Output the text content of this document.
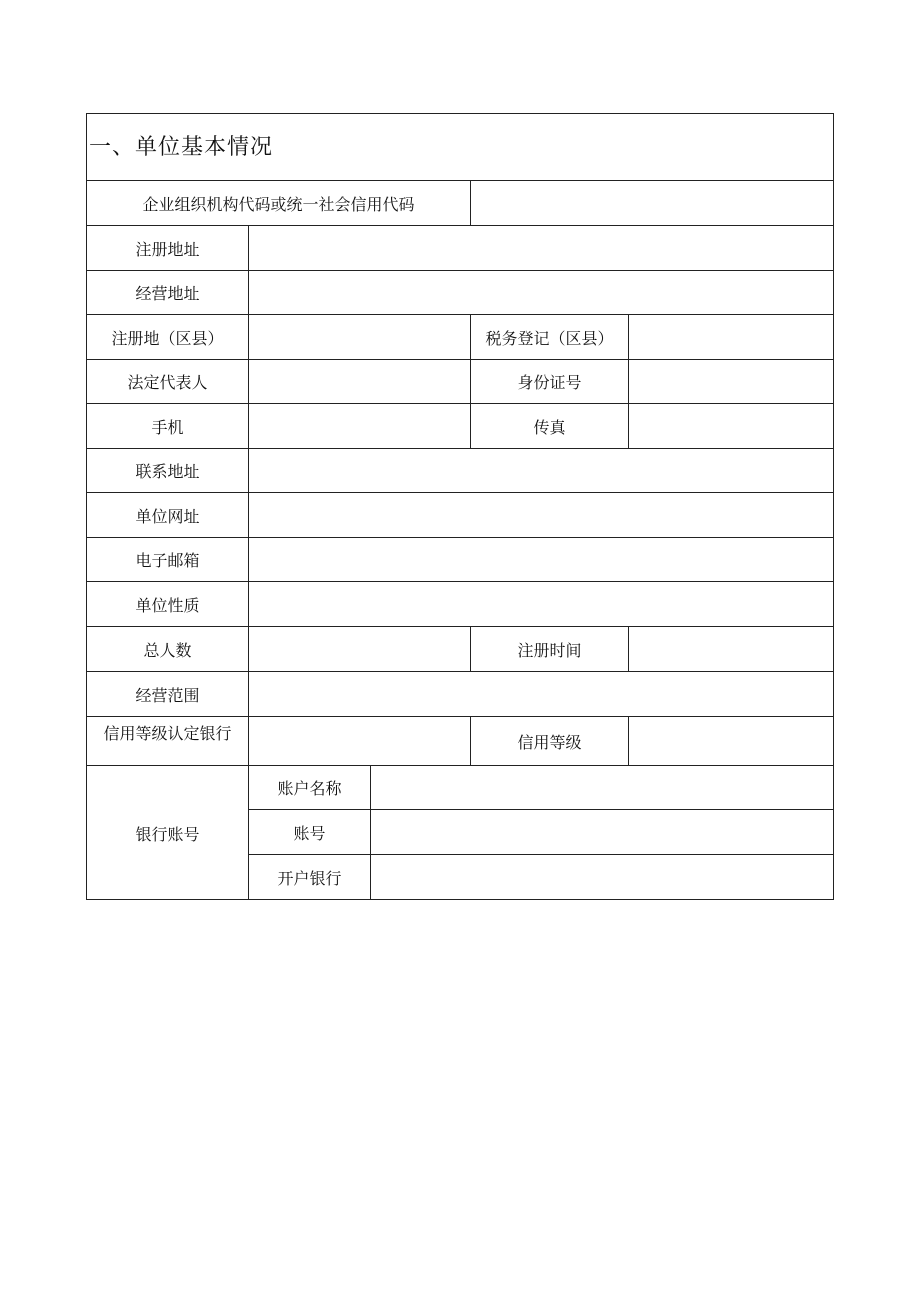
一、单位基本情况
企业组织机构代码或统一社会信用代码
注册地址
经营地址
注册地（区县）	税务登记（区县）
法定代表人	身份证号
手机	传真
联系地址
单位网址
电子邮箱
单位性质
总人数	注册时间
经营范围
信用等级认定银行	信用等级
银行账号
账户名称
账号
开户银行
